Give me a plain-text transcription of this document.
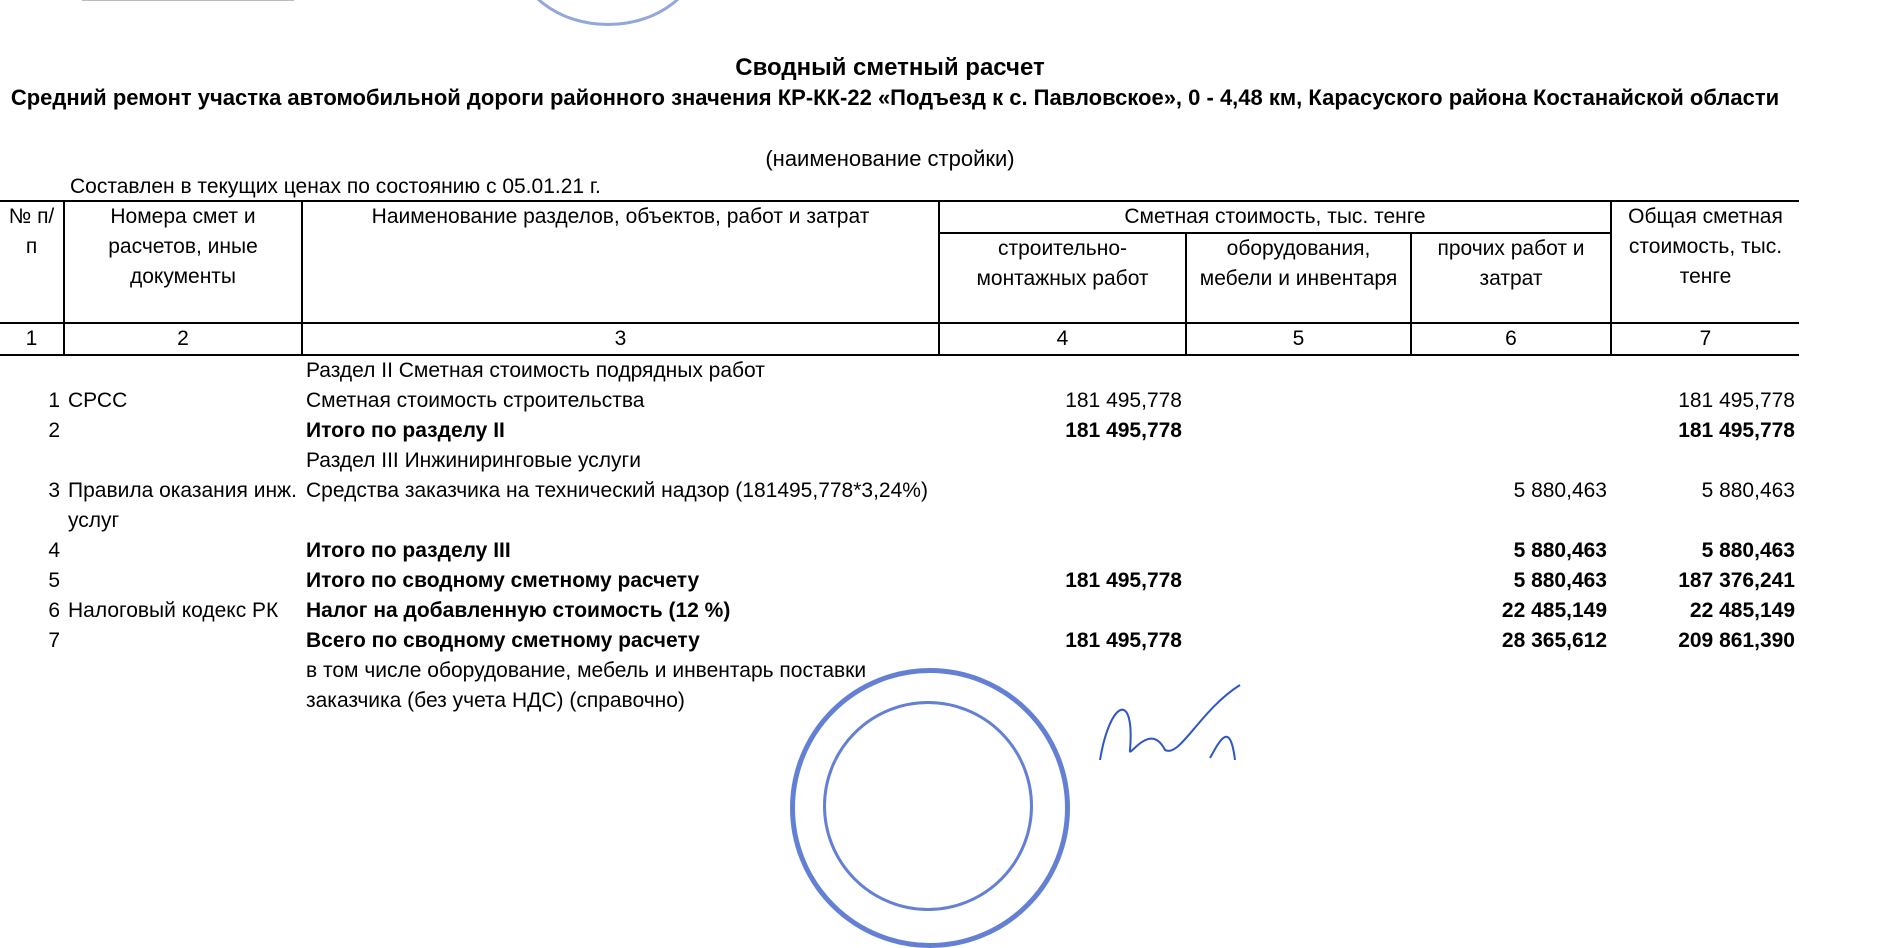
Сводный сметный расчет
Средний ремонт участка автомобильной дороги районного значения КР-КК-22 «Подъезд к с. Павловское», 0 - 4,48 км, Карасуского района Костанайской области
(наименование стройки)
Составлен в текущих ценах по состоянию с 05.01.21 г.
№ п/п	Номера смет и расчетов, иные документы	Наименование разделов, объектов, работ и затрат	Сметная стоимость, тыс. тенге			Общая сметная стоимость, тыс. тенге
			строительно-монтажных работ	оборудования, мебели и инвентаря	прочих работ и затрат	
1	2	3	4	5	6	7
		Раздел II Сметная стоимость подрядных работ				
1	СРСС	Сметная стоимость строительства	181 495,778			181 495,778
2		Итого по разделу II	181 495,778			181 495,778
		Раздел III Инжиниринговые услуги				
3	Правила оказания инж. услуг	Средства заказчика на технический надзор (181495,778*3,24%)			5 880,463	5 880,463
4		Итого по разделу III			5 880,463	5 880,463
5		Итого по сводному сметному расчету	181 495,778		5 880,463	187 376,241
6	Налоговый кодекс РК	Налог на добавленную стоимость (12 %)			22 485,149	22 485,149
7		Всего по сводному сметному расчету	181 495,778		28 365,612	209 861,390
		в том числе оборудование, мебель и инвентарь поставки заказчика (без учета НДС) (справочно)				
